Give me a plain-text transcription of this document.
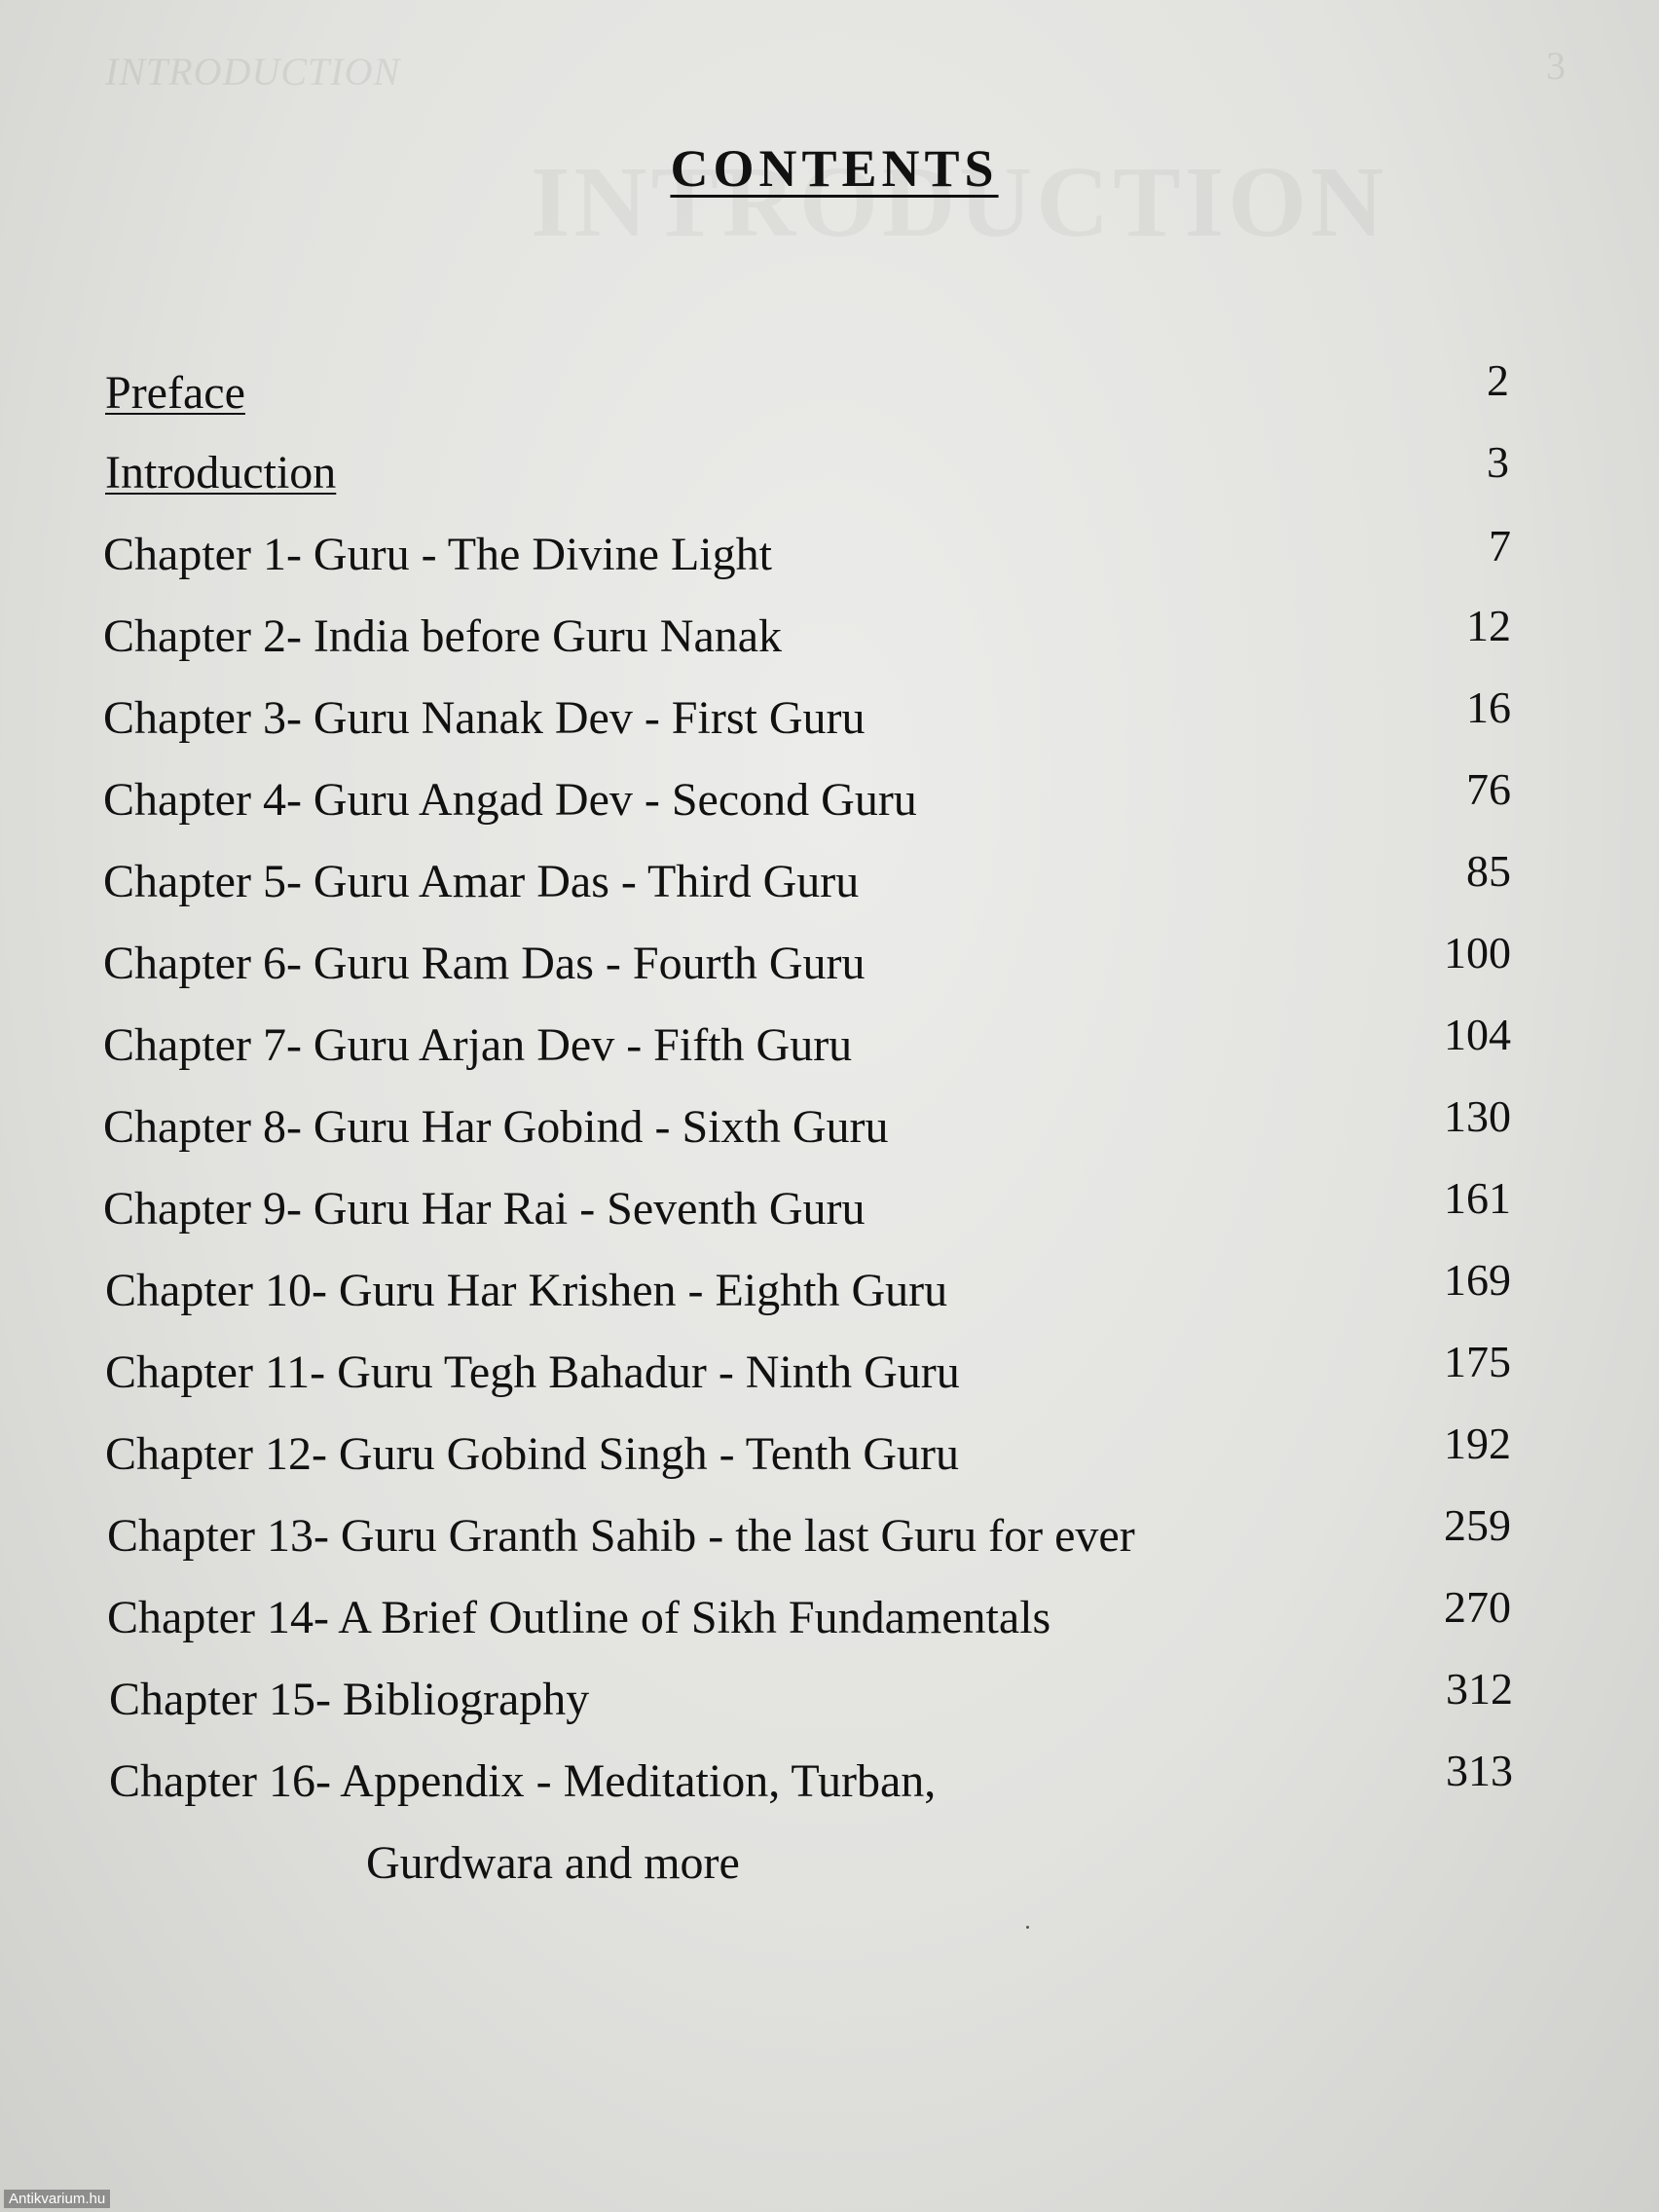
INTRODUCTION	3
CONTENTS
Preface	2
Introduction	3
Chapter 1- Guru - The Divine Light	7
Chapter 2- India before Guru Nanak	12
Chapter 3- Guru Nanak Dev - First Guru	16
Chapter 4- Guru Angad Dev - Second Guru	76
Chapter 5- Guru Amar Das - Third Guru	85
Chapter 6- Guru Ram Das - Fourth Guru	100
Chapter 7- Guru Arjan Dev - Fifth Guru	104
Chapter 8- Guru Har Gobind - Sixth Guru	130
Chapter 9- Guru Har Rai - Seventh Guru	161
Chapter 10- Guru Har Krishen - Eighth Guru	169
Chapter 11- Guru Tegh Bahadur - Ninth Guru	175
Chapter 12- Guru Gobind Singh - Tenth Guru	192
Chapter 13- Guru Granth Sahib - the last Guru for ever	259
Chapter 14- A Brief Outline of Sikh Fundamentals	270
Chapter 15- Bibliography	312
Chapter 16- Appendix - Meditation, Turban,	313
Gurdwara and more
Antikvarium.hu
